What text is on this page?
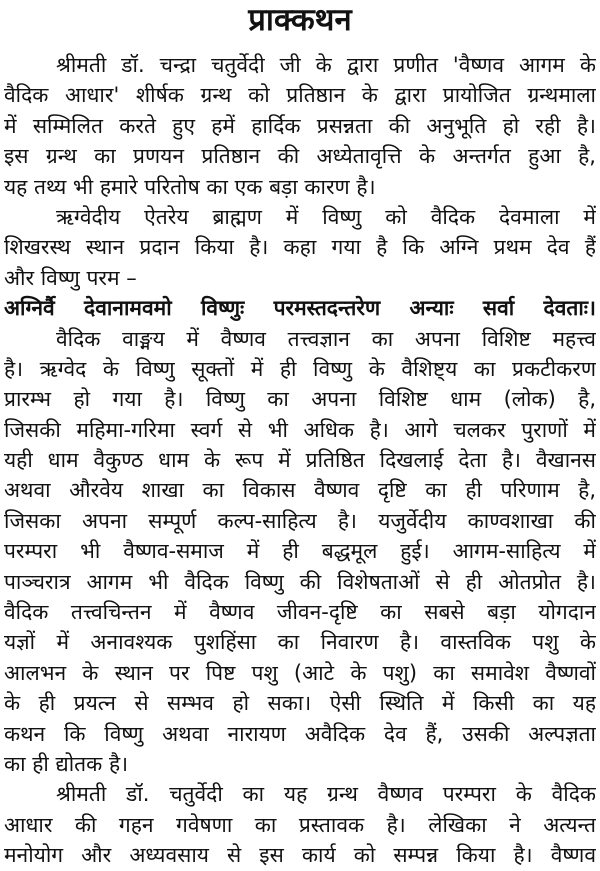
प्राक्कथन
श्रीमती डॉ. चन्द्रा चतुर्वेदी जी के द्वारा प्रणीत 'वैष्णव आगम के
वैदिक आधार' शीर्षक ग्रन्थ को प्रतिष्ठान के द्वारा प्रायोजित ग्रन्थमाला
में सम्मिलित करते हुए हमें हार्दिक प्रसन्नता की अनुभूति हो रही है।
इस ग्रन्थ का प्रणयन प्रतिष्ठान की अध्येतावृत्ति के अन्तर्गत हुआ है,
यह तथ्य भी हमारे परितोष का एक बड़ा कारण है।
ऋग्वेदीय ऐतरेय ब्राह्मण में विष्णु को वैदिक देवमाला में
शिखरस्थ स्थान प्रदान किया है। कहा गया है कि अग्नि प्रथम देव हैं
और विष्णु परम –
अग्निर्वै देवानामवमो विष्णुः परमस्तदन्तरेण अन्याः सर्वा देवताः।
वैदिक वाङ्मय में वैष्णव तत्त्वज्ञान का अपना विशिष्ट महत्त्व
है। ऋग्वेद के विष्णु सूक्तों में ही विष्णु के वैशिष्ट्य का प्रकटीकरण
प्रारम्भ हो गया है। विष्णु का अपना विशिष्ट धाम (लोक) है,
जिसकी महिमा-गरिमा स्वर्ग से भी अधिक है। आगे चलकर पुराणों में
यही धाम वैकुण्ठ धाम के रूप में प्रतिष्ठित दिखलाई देता है। वैखानस
अथवा औरवेय शाखा का विकास वैष्णव दृष्टि का ही परिणाम है,
जिसका अपना सम्पूर्ण कल्प-साहित्य है। यजुर्वेदीय काण्वशाखा की
परम्परा भी वैष्णव-समाज में ही बद्धमूल हुई। आगम-साहित्य में
पाञ्चरात्र आगम भी वैदिक विष्णु की विशेषताओं से ही ओतप्रोत है।
वैदिक तत्त्वचिन्तन में वैष्णव जीवन-दृष्टि का सबसे बड़ा योगदान
यज्ञों में अनावश्यक पुशहिंसा का निवारण है। वास्तविक पशु के
आलभन के स्थान पर पिष्ट पशु (आटे के पशु) का समावेश वैष्णवों
के ही प्रयत्न से सम्भव हो सका। ऐसी स्थिति में किसी का यह
कथन कि विष्णु अथवा नारायण अवैदिक देव हैं, उसकी अल्पज्ञता
का ही द्योतक है।
श्रीमती डॉ. चतुर्वेदी का यह ग्रन्थ वैष्णव परम्परा के वैदिक
आधार की गहन गवेषणा का प्रस्तावक है। लेखिका ने अत्यन्त
मनोयोग और अध्यवसाय से इस कार्य को सम्पन्न किया है। वैष्णव
